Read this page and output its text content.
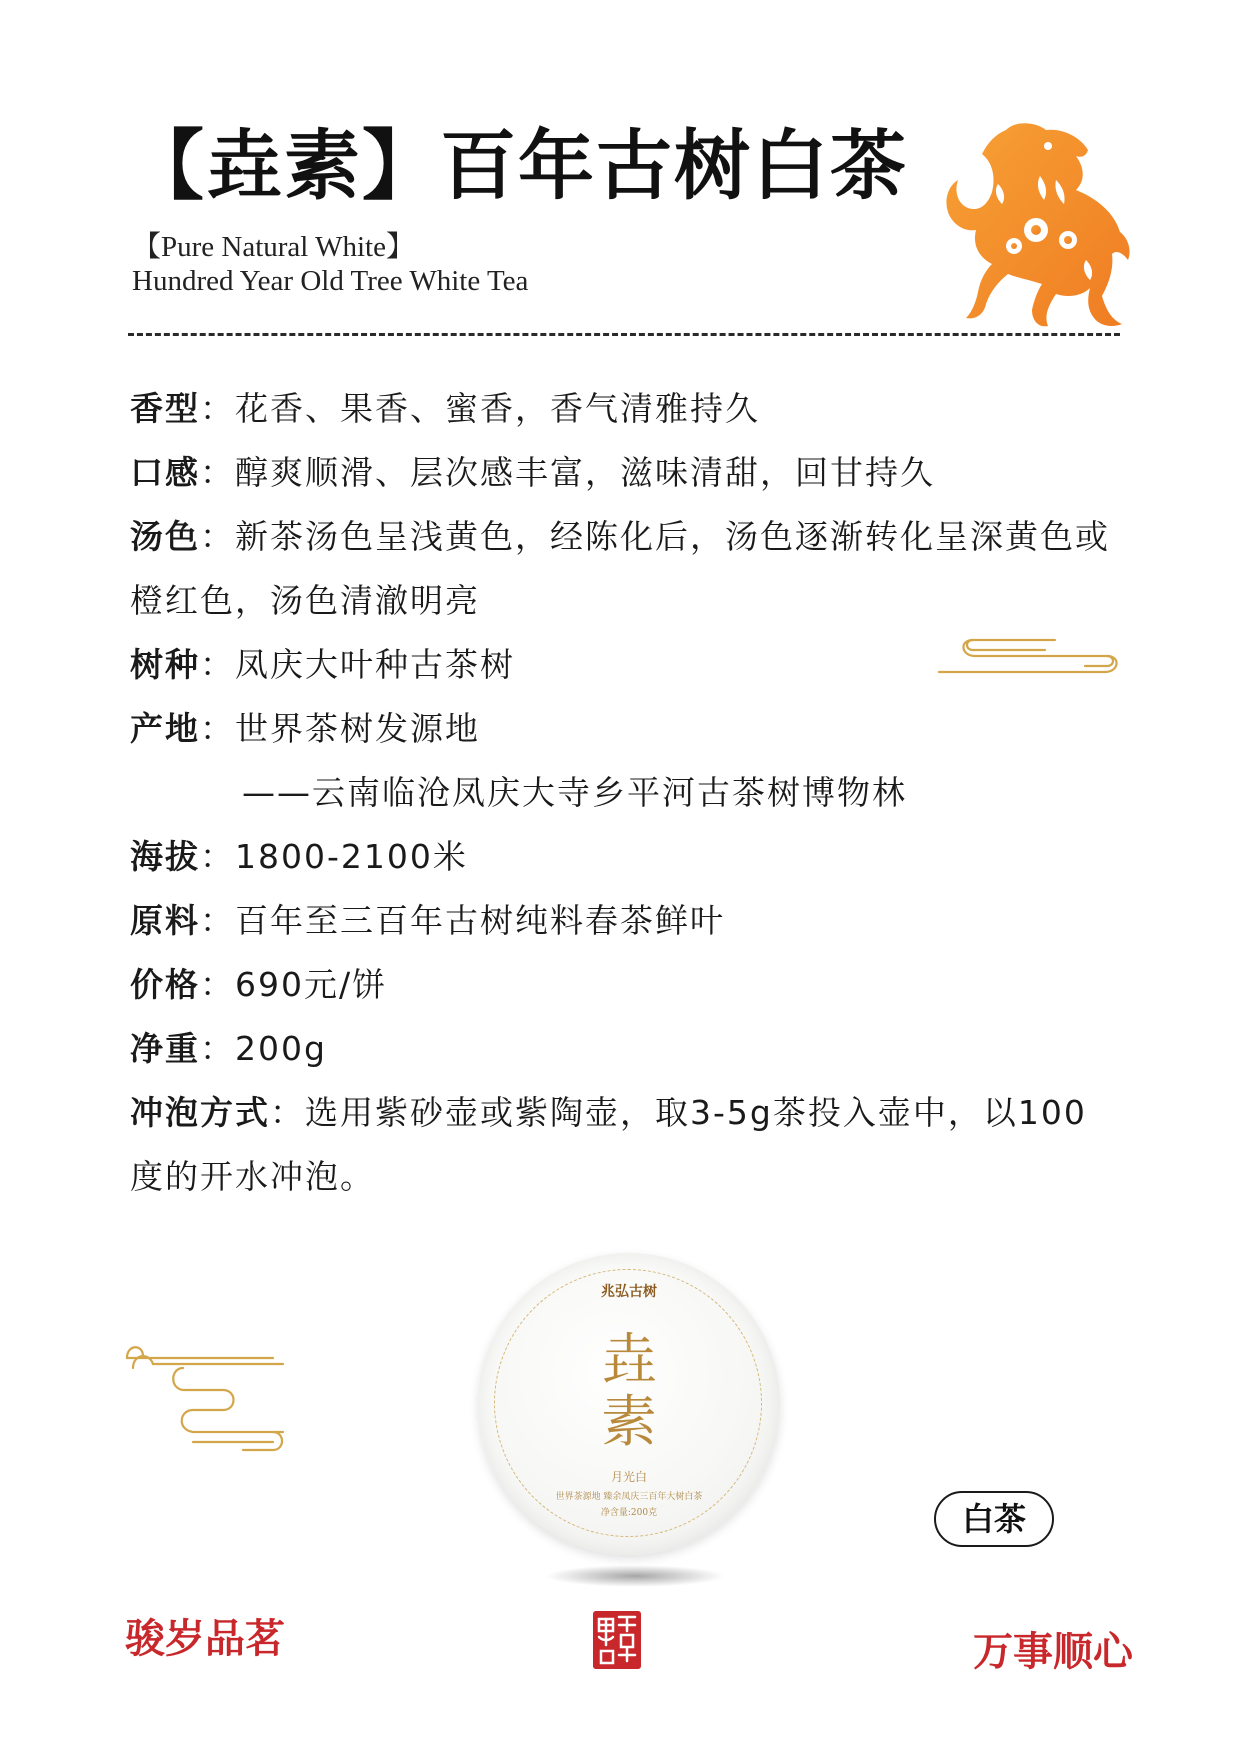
【垚素】百年古树白茶
【Pure Natural White】
Hundred Year Old Tree White Tea
香型：花香、果香、蜜香，香气清雅持久
口感：醇爽顺滑、层次感丰富，滋味清甜，回甘持久
汤色：新茶汤色呈浅黄色，经陈化后，汤色逐渐转化呈深黄色或橙红色，汤色清澈明亮
树种：凤庆大叶种古茶树
产地：世界茶树发源地
——云南临沧凤庆大寺乡平河古茶树博物林
海拔：1800-2100米
原料：百年至三百年古树纯料春茶鲜叶
价格：690元/饼
净重：200g
冲泡方式：选用紫砂壶或紫陶壶，取3-5g茶投入壶中，以100度的开水冲泡。
兆弘古树
垚
素
月光白
世界茶源地 臻余凤庆三百年大树白茶
净含量:200克	白茶
骏岁品茗	万事顺心
